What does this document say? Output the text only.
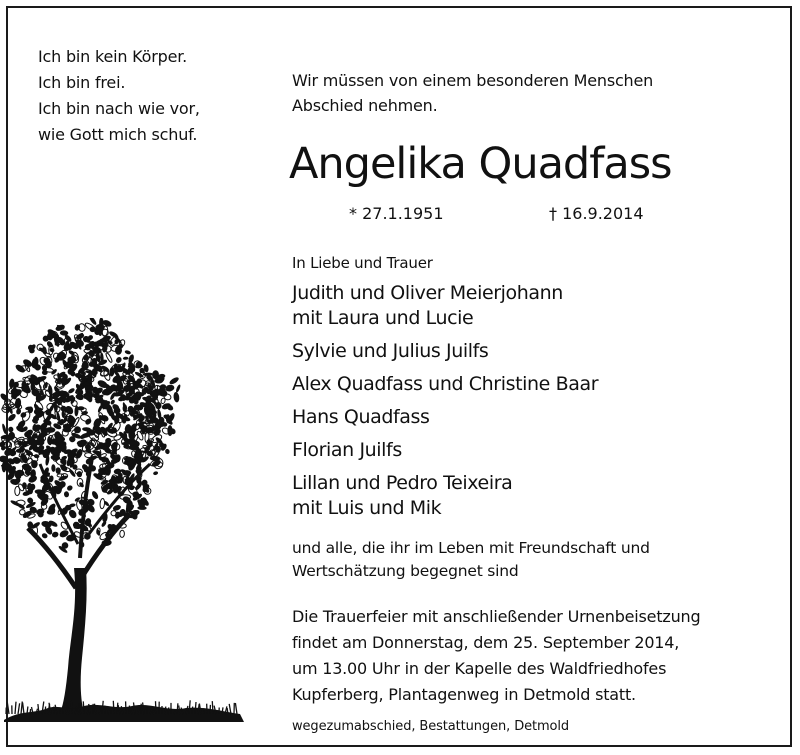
Ich bin kein Körper.
Ich bin frei.
Ich bin nach wie vor,
wie Gott mich schuf.
Wir müssen von einem besonderen Menschen
Abschied nehmen.
Angelika Quadfass
* 27.1.1951	† 16.9.2014
In Liebe und Trauer
Judith und Oliver Meierjohann
mit Laura und Lucie
Sylvie und Julius Juilfs
Alex Quadfass und Christine Baar
Hans Quadfass
Florian Juilfs
Lillan und Pedro Teixeira
mit Luis und Mik
und alle, die ihr im Leben mit Freundschaft und
Wertschätzung begegnet sind
Die Trauerfeier mit anschließender Urnenbeisetzung
findet am Donnerstag, dem 25. September 2014,
um 13.00 Uhr in der Kapelle des Waldfriedhofes
Kupferberg, Plantagenweg in Detmold statt.
wegezumabschied, Bestattungen, Detmold
